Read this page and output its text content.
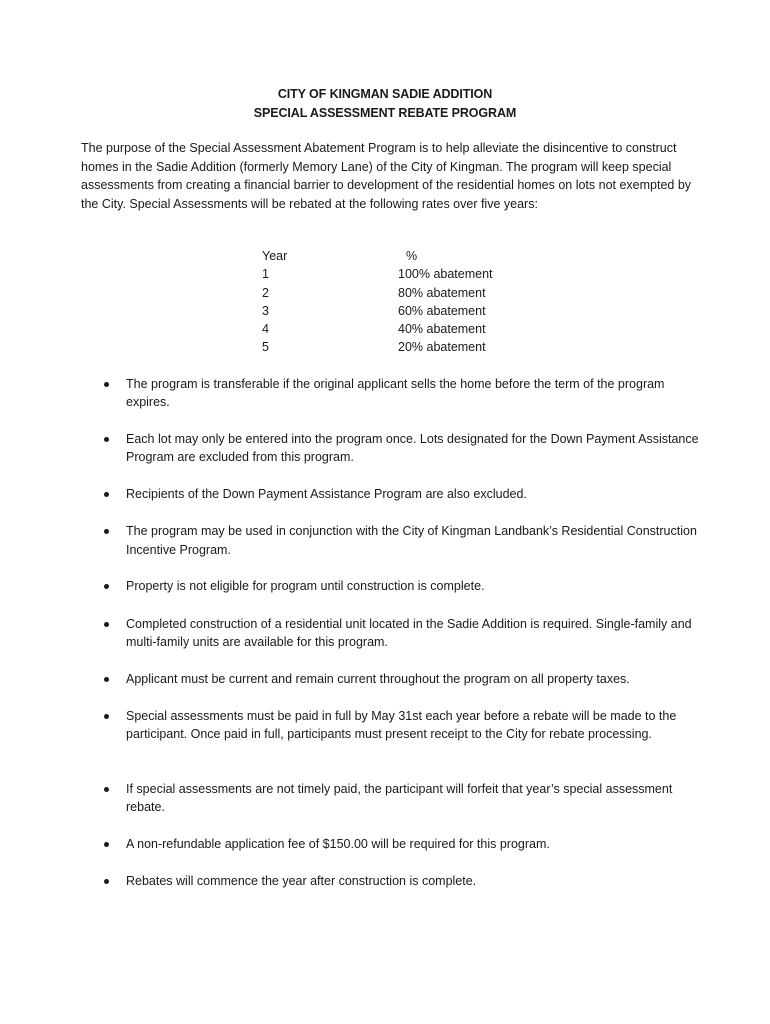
CITY OF KINGMAN SADIE ADDITION
SPECIAL ASSESSMENT REBATE PROGRAM

The purpose of the Special Assessment Abatement Program is to help alleviate the disincentive to construct homes in the Sadie Addition (formerly Memory Lane) of the City of Kingman. The program will keep special assessments from creating a financial barrier to development of the residential homes on lots not exempted by the City. Special Assessments will be rebated at the following rates over five years:

Year	%
1	100% abatement
2	80% abatement
3	60% abatement
4	40% abatement
5	20% abatement
The program is transferable if the original applicant sells the home before the term of the program expires.
Each lot may only be entered into the program once. Lots designated for the Down Payment Assistance Program are excluded from this program.
Recipients of the Down Payment Assistance Program are also excluded.
The program may be used in conjunction with the City of Kingman Landbank’s Residential Construction Incentive Program.
Property is not eligible for program until construction is complete.
Completed construction of a residential unit located in the Sadie Addition is required. Single-family and multi-family units are available for this program.
Applicant must be current and remain current throughout the program on all property taxes.
Special assessments must be paid in full by May 31st each year before a rebate will be made to the participant. Once paid in full, participants must present receipt to the City for rebate processing.
If special assessments are not timely paid, the participant will forfeit that year’s special assessment rebate.
A non-refundable application fee of $150.00 will be required for this program.
Rebates will commence the year after construction is complete.
